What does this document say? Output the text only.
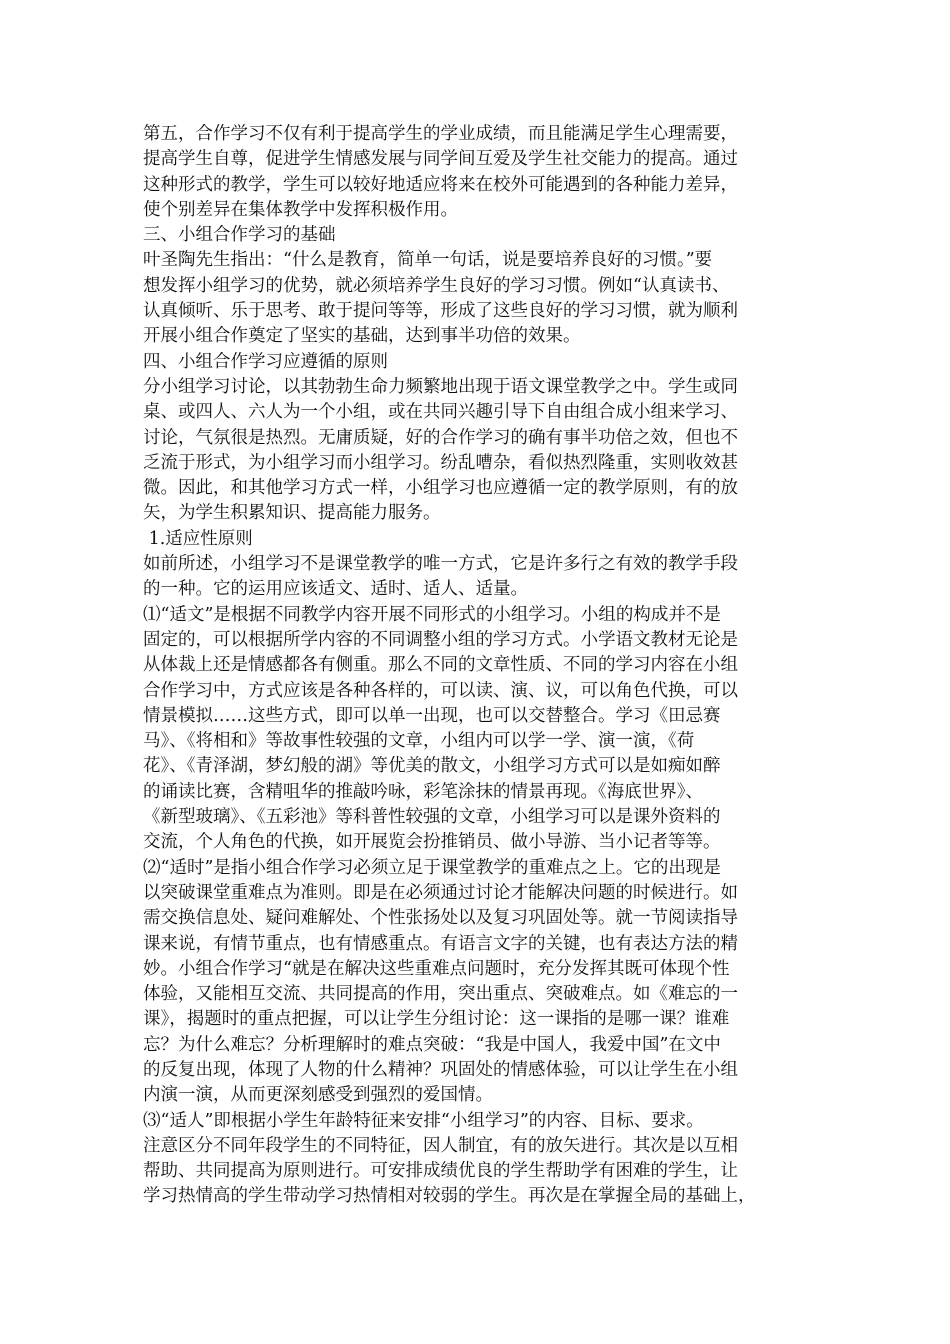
第五，合作学习不仅有利于提高学生的学业成绩，而且能满足学生心理需要，

提高学生自尊，促进学生情感发展与同学间互爱及学生社交能力的提高。通过

这种形式的教学，学生可以较好地适应将来在校外可能遇到的各种能力差异，

使个别差异在集体教学中发挥积极作用。

三、小组合作学习的基础

叶圣陶先生指出：“什么是教育，简单一句话，说是要培养良好的习惯。”要

想发挥小组学习的优势，就必须培养学生良好的学习习惯。例如“认真读书、

认真倾听、乐于思考、敢于提问等等，形成了这些良好的学习习惯，就为顺利

开展小组合作奠定了坚实的基础，达到事半功倍的效果。

四、小组合作学习应遵循的原则

分小组学习讨论，以其勃勃生命力频繁地出现于语文课堂教学之中。学生或同

桌、或四人、六人为一个小组，或在共同兴趣引导下自由组合成小组来学习、

讨论，气氛很是热烈。无庸质疑，好的合作学习的确有事半功倍之效，但也不

乏流于形式，为小组学习而小组学习。纷乱嘈杂，看似热烈隆重，实则收效甚

微。因此，和其他学习方式一样，小组学习也应遵循一定的教学原则，有的放

矢，为学生积累知识、提高能力服务。

1.适应性原则

如前所述，小组学习不是课堂教学的唯一方式，它是许多行之有效的教学手段

的一种。它的运用应该适文、适时、适人、适量。

⑴“适文”是根据不同教学内容开展不同形式的小组学习。小组的构成并不是

固定的，可以根据所学内容的不同调整小组的学习方式。小学语文教材无论是

从体裁上还是情感都各有侧重。那么不同的文章性质、不同的学习内容在小组

合作学习中，方式应该是各种各样的，可以读、演、议，可以角色代换，可以

情景模拟……这些方式，即可以单一出现，也可以交替整合。学习《田忌赛

马》、《将相和》等故事性较强的文章，小组内可以学一学、演一演，《荷

花》、《青泽湖，梦幻般的湖》等优美的散文，小组学习方式可以是如痴如醉

的诵读比赛，含精咀华的推敲吟咏，彩笔涂抹的情景再现。《海底世界》、

《新型玻璃》、《五彩池》等科普性较强的文章，小组学习可以是课外资料的

交流，个人角色的代换，如开展览会扮推销员、做小导游、当小记者等等。

⑵“适时”是指小组合作学习必须立足于课堂教学的重难点之上。它的出现是

以突破课堂重难点为准则。即是在必须通过讨论才能解决问题的时候进行。如

需交换信息处、疑问难解处、个性张扬处以及复习巩固处等。就一节阅读指导

课来说，有情节重点，也有情感重点。有语言文字的关键，也有表达方法的精

妙。小组合作学习“就是在解决这些重难点问题时，充分发挥其既可体现个性

体验，又能相互交流、共同提高的作用，突出重点、突破难点。如《难忘的一

课》，揭题时的重点把握，可以让学生分组讨论：这一课指的是哪一课？谁难

忘？为什么难忘？分析理解时的难点突破：“我是中国人，我爱中国”在文中

的反复出现，体现了人物的什么精神？巩固处的情感体验，可以让学生在小组

内演一演，从而更深刻感受到强烈的爱国情。

⑶“适人”即根据小学生年龄特征来安排“小组学习”的内容、目标、要求。

注意区分不同年段学生的不同特征，因人制宜，有的放矢进行。其次是以互相

帮助、共同提高为原则进行。可安排成绩优良的学生帮助学有困难的学生，让

学习热情高的学生带动学习热情相对较弱的学生。再次是在掌握全局的基础上，
